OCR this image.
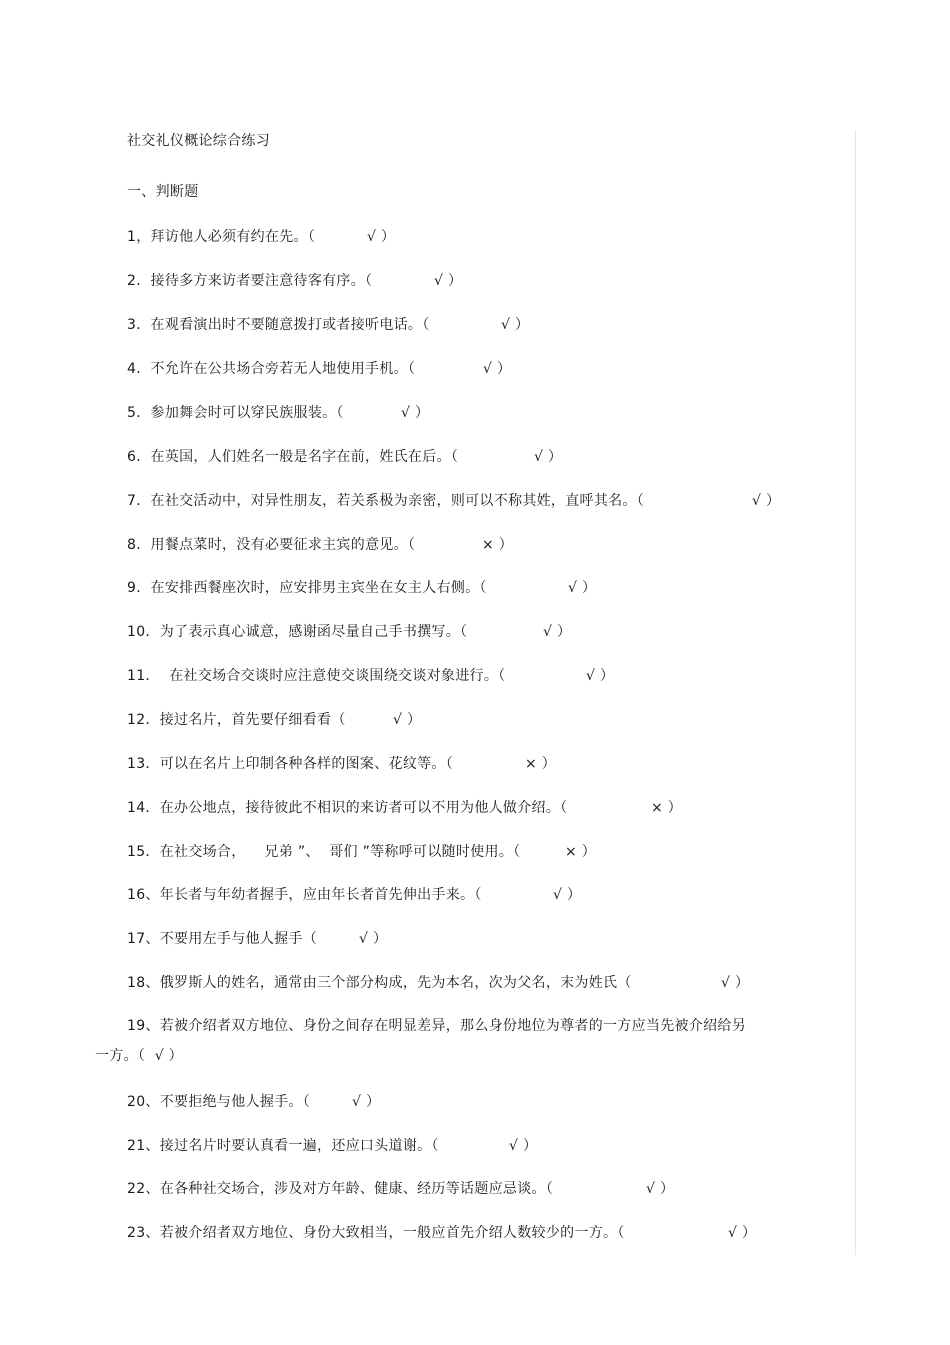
社交礼仪概论综合练习
一、判断题
1，拜访他人必须有约在先。（	√ ）
2．接待多方来访者要注意待客有序。（	√ ）
3．在观看演出时不要随意拨打或者接听电话。（	√ ）
4．不允许在公共场合旁若无人地使用手机。（	√ ）
5．参加舞会时可以穿民族服装。（	√ ）
6．在英国，人们姓名一般是名字在前，姓氏在后。（	√ ）
7．在社交活动中，对异性朋友，若关系极为亲密，则可以不称其姓，直呼其名。（	√ ）
8．用餐点菜时，没有必要征求主宾的意见。（	× ）
9．在安排西餐座次时，应安排男主宾坐在女主人右侧。（	√ ）
10．为了表示真心诚意，感谢函尽量自己手书撰写。（	√ ）
11．  在社交场合交谈时应注意使交谈围绕交谈对象进行。（	√ ）
12．接过名片，首先要仔细看看（	√ ）
13．可以在名片上印制各种各样的图案、花纹等。（	× ）
14．在办公地点，接待彼此不相识的来访者可以不用为他人做介绍。（	× ）
15．在社交场合，    兄弟 ”、  哥们 ”等称呼可以随时使用。（	× ）
16、年长者与年幼者握手，应由年长者首先伸出手来。（	√ ）
17、不要用左手与他人握手（	√ ）
18、俄罗斯人的姓名，通常由三个部分构成，先为本名，次为父名，末为姓氏（	√ ）
19、若被介绍者双方地位、身份之间存在明显差异，那么身份地位为尊者的一方应当先被介绍给另
一方。（  √ ）
20、不要拒绝与他人握手。（	√ ）
21、接过名片时要认真看一遍，还应口头道谢。（	√ ）
22、在各种社交场合，涉及对方年龄、健康、经历等话题应忌谈。（	√ ）
23、若被介绍者双方地位、身份大致相当，一般应首先介绍人数较少的一方。（	√ ）
